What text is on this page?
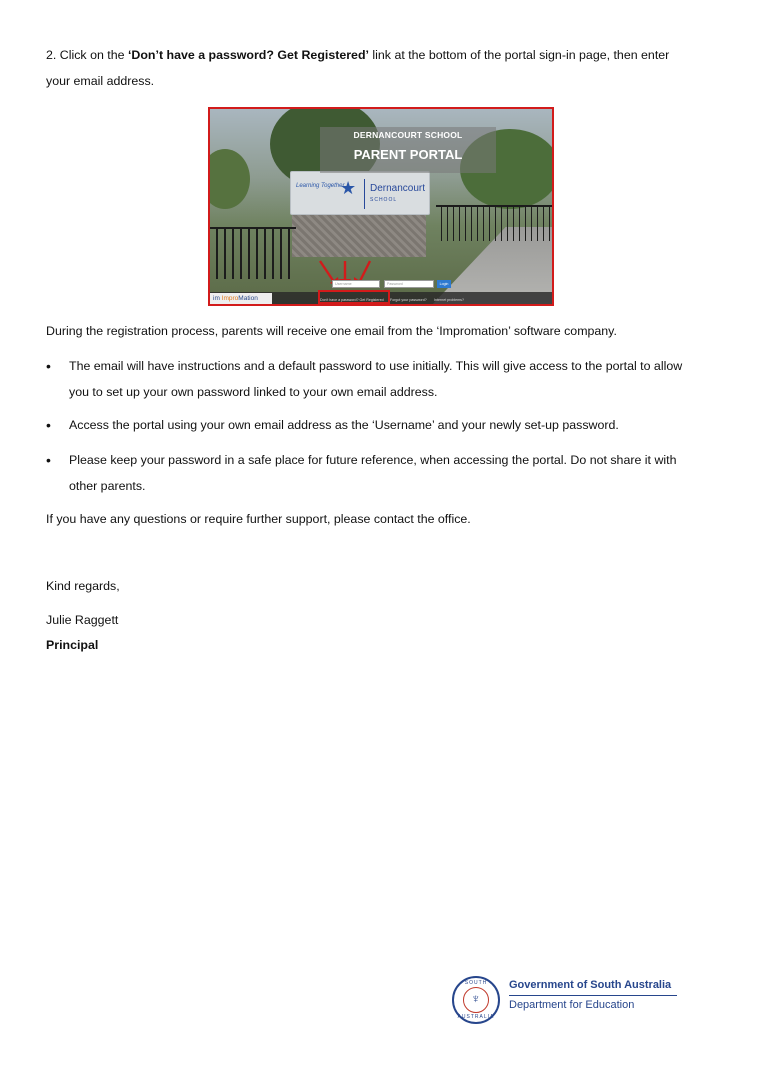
2. Click on the ‘Don’t have a password? Get Registered’ link at the bottom of the portal sign-in page, then enter

your email address.

Learning Together
★ Dernancourt
SCHOOL
DERNANCOURT SCHOOL
PARENT PORTAL
Username	Password	Login
im ImproMation	Don't have a password? Get Registered Forgot your password? Internet problems?

During the registration process, parents will receive one email from the ‘Impromation’ software company.

•	The email will have instructions and a default password to use initially. This will give access to the portal to allow
you to set up your own password linked to your own email address.
•	Access the portal using your own email address as the ‘Username’ and your newly set-up password.
•	Please keep your password in a safe place for future reference, when accessing the portal. Do not share it with
other parents.

If you have any questions or require further support, please contact the office.

Kind regards,

Julie Raggett

Principal

SOUTH
♆
AUSTRALIA
Government of South Australia
Department for Education
